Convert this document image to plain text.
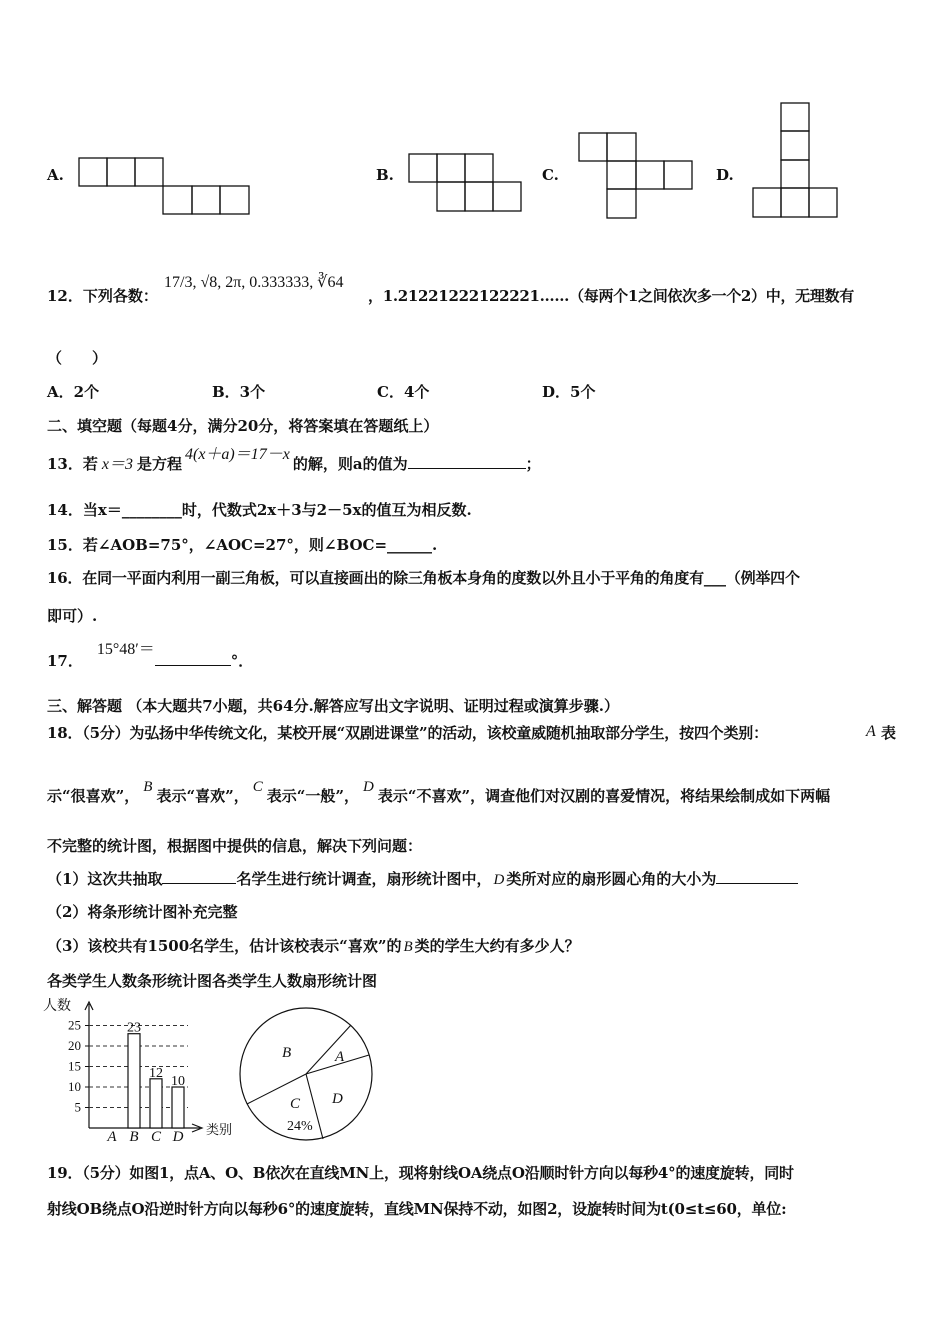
A.	B.	C.	D.
12．下列各数：
17/3, √8, 2π, 0.333333, ∛64
，1.21221222122221……（每两个1之间依次多一个2）中，无理数有
（　　）
A．2个	B．3个	C．4个	D．5个
二、填空题（每题4分，满分20分，将答案填在答题纸上）
13．若 x＝3 是方程4(x＋a)＝17－x的解，则a的值为	；
14．当x＝________时，代数式2x＋3与2－5x的值互为相反数.
15．若∠AOB=75°，∠AOC=27°，则∠BOC=______.
16．在同一平面内利用一副三角板，可以直接画出的除三角板本身角的度数以外且小于平角的角度有___（例举四个
即可）.
17．15°48′＝°．
三、解答题 （本大题共7小题，共64分.解答应写出文字说明、证明过程或演算步骤.）
18．（5分）为弘扬中华传统文化，某校开展“双剧进课堂”的活动，该校童威随机抽取部分学生，按四个类别：	A 表
示“很喜欢”， B 表示“喜欢”， C 表示“一般”， D 表示“不喜欢”，调查他们对汉剧的喜爱情况，将结果绘制成如下两幅
不完整的统计图，根据图中提供的信息，解决下列问题：
（1）这次共抽取	名学生进行统计调查，扇形统计图中， D 类所对应的扇形圆心角的大小为
（2）将条形统计图补充完整
（3）该校共有1500名学生，估计该校表示“喜欢”的 B 类的学生大约有多少人？
各类学生人数条形统计图各类学生人数扇形统计图
5
10
15
20
25	23
12
10
A B C D
人数
类别
B	A
D
C
24%
19．（5分）如图1，点A、O、B依次在直线MN上，现将射线OA绕点O沿顺时针方向以每秒4°的速度旋转，同时
射线OB绕点O沿逆时针方向以每秒6°的速度旋转，直线MN保持不动，如图2，设旋转时间为t(0≤t≤60，单位:
